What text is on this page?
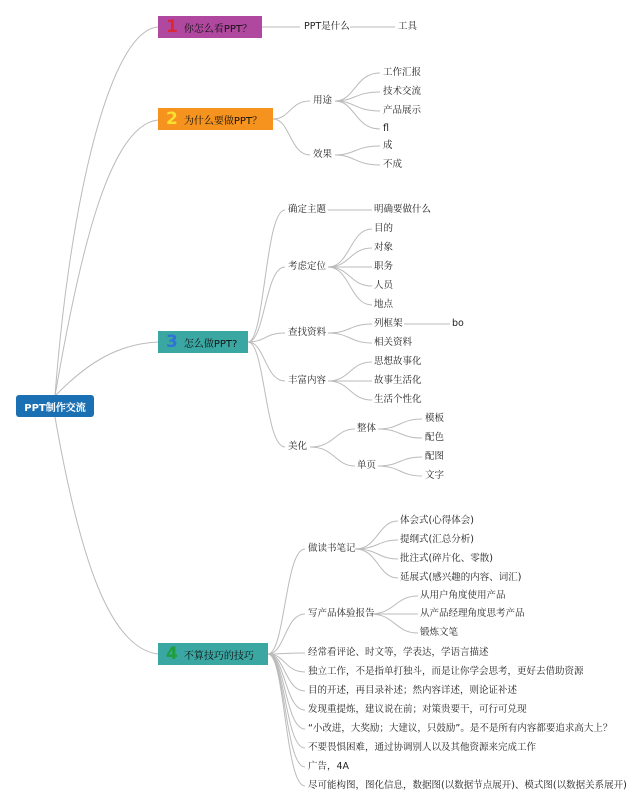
PPT制作交流
1 你怎么看PPT？	PPT是什么	工具
2 为什么要做PPT？
用途
工作汇报
技术交流
产品展示
fl
效果
成
不成
3 怎么做PPT?
确定主题	明确要做什么
考虑定位
目的
对象
职务
人员
地点
查找资料
列框架	bo
相关资料
丰富内容
思想故事化
故事生活化
生活个性化
美化
整体
模板
配色
单页
配图
文字
4 不算技巧的技巧
做读书笔记
体会式(心得体会)
提纲式(汇总分析)
批注式(碎片化、零散)
延展式(感兴趣的内容、词汇)
写产品体验报告
从用户角度使用产品
从产品经理角度思考产品
锻炼文笔
经常看评论、时文等，学表达，学语言描述
独立工作，不是指单打独斗，而是让你学会思考，更好去借助资源
目的开述，再目录补述；然内容详述，则论证补述
发现重提炼，建议说在前；对策贵要干，可行可兑现
“小改进，大奖励；大建议，只鼓励”。是不是所有内容都要追求高大上？
不要畏惧困难，通过协调别人以及其他资源来完成工作
广告，4A
尽可能构图，图化信息，数据图(以数据节点展开)、模式图(以数据关系展开)
